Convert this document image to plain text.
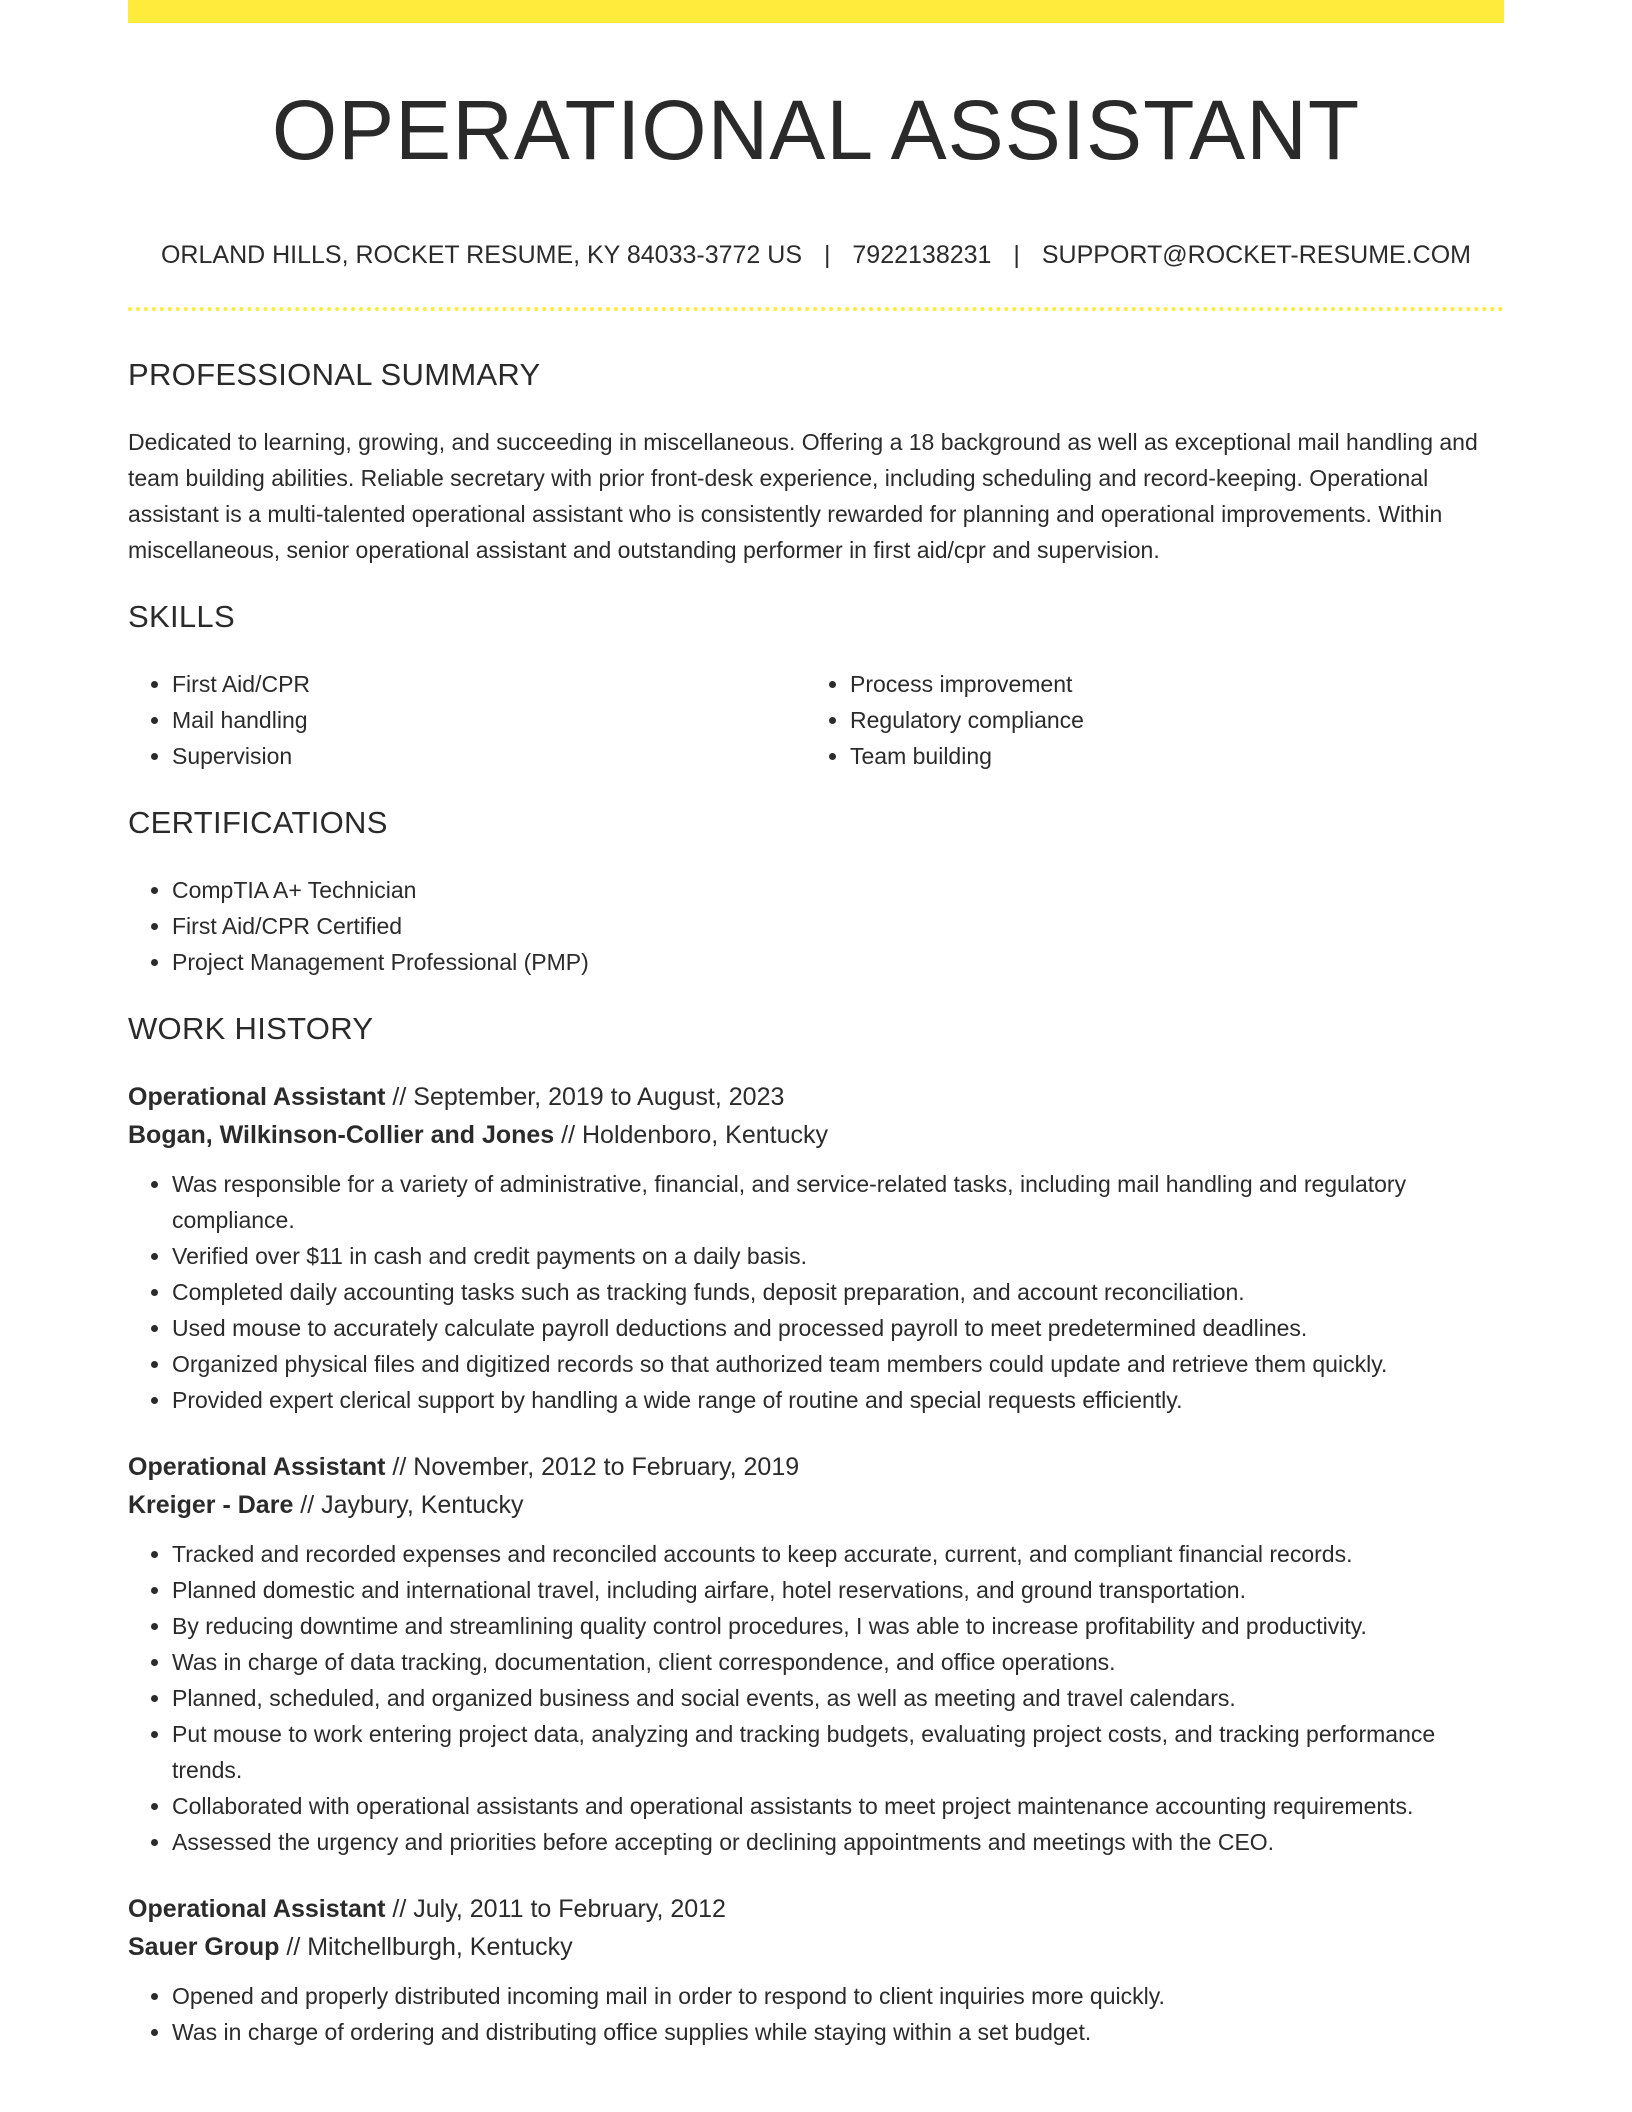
OPERATIONAL ASSISTANT
ORLAND HILLS, ROCKET RESUME, KY 84033-3772 US | 7922138231 | SUPPORT@ROCKET-RESUME.COM
PROFESSIONAL SUMMARY

Dedicated to learning, growing, and succeeding in miscellaneous. Offering a 18 background as well as exceptional mail handling and team building abilities. Reliable secretary with prior front-desk experience, including scheduling and record-keeping. Operational assistant is a multi-talented operational assistant who is consistently rewarded for planning and operational improvements. Within miscellaneous, senior operational assistant and outstanding performer in first aid/cpr and supervision.

SKILLS
• First Aid/CPR
• Mail handling
• Supervision
• Process improvement
• Regulatory compliance
• Team building
CERTIFICATIONS
• CompTIA A+ Technician
• First Aid/CPR Certified
• Project Management Professional (PMP)
WORK HISTORY
Operational Assistant // September, 2019 to August, 2023
Bogan, Wilkinson-Collier and Jones // Holdenboro, Kentucky
• Was responsible for a variety of administrative, financial, and service-related tasks, including mail handling and regulatory compliance.
• Verified over $11 in cash and credit payments on a daily basis.
• Completed daily accounting tasks such as tracking funds, deposit preparation, and account reconciliation.
• Used mouse to accurately calculate payroll deductions and processed payroll to meet predetermined deadlines.
• Organized physical files and digitized records so that authorized team members could update and retrieve them quickly.
• Provided expert clerical support by handling a wide range of routine and special requests efficiently.
Operational Assistant // November, 2012 to February, 2019
Kreiger - Dare // Jaybury, Kentucky
• Tracked and recorded expenses and reconciled accounts to keep accurate, current, and compliant financial records.
• Planned domestic and international travel, including airfare, hotel reservations, and ground transportation.
• By reducing downtime and streamlining quality control procedures, I was able to increase profitability and productivity.
• Was in charge of data tracking, documentation, client correspondence, and office operations.
• Planned, scheduled, and organized business and social events, as well as meeting and travel calendars.
• Put mouse to work entering project data, analyzing and tracking budgets, evaluating project costs, and tracking performance trends.
• Collaborated with operational assistants and operational assistants to meet project maintenance accounting requirements.
• Assessed the urgency and priorities before accepting or declining appointments and meetings with the CEO.
Operational Assistant // July, 2011 to February, 2012
Sauer Group // Mitchellburgh, Kentucky
• Opened and properly distributed incoming mail in order to respond to client inquiries more quickly.
• Was in charge of ordering and distributing office supplies while staying within a set budget.
